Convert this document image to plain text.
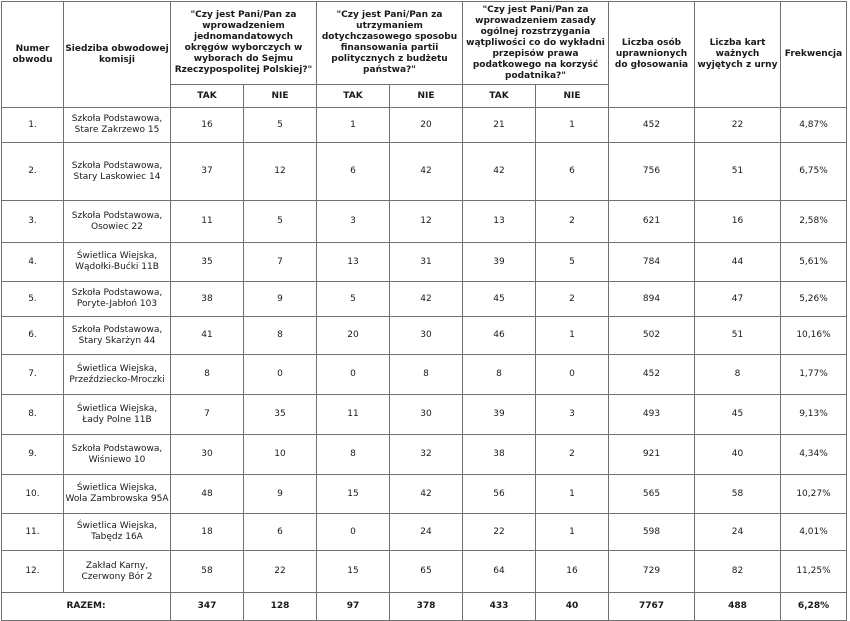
Numer obwodu	Siedziba obwodowej komisji	"Czy jest Pani/Pan za wprowadzeniem jednomandatowych okręgów wyborczych w wyborach do Sejmu Rzeczypospolitej Polskiej?"		"Czy jest Pani/Pan za utrzymaniem dotychczasowego sposobu finansowania partii politycznych z budżetu państwa?"		"Czy jest Pani/Pan za wprowadzeniem zasady ogólnej rozstrzygania wątpliwości co do wykładni przepisów prawa podatkowego na korzyść podatnika?"		Liczba osób uprawnionych do głosowania	Liczba kart ważnych wyjętych z urny	Frekwencja
		TAK	NIE	TAK	NIE	TAK	NIE			
1.	Szkoła Podstawowa, Stare Zakrzewo 15	16	5	1	20	21	1	452	22	4,87%
2.	Szkoła Podstawowa, Stary Laskowiec 14	37	12	6	42	42	6	756	51	6,75%
3.	Szkoła Podstawowa, Osowiec 22	11	5	3	12	13	2	621	16	2,58%
4.	Świetlica Wiejska, Wądołki-Bućki 11B	35	7	13	31	39	5	784	44	5,61%
5.	Szkoła Podstawowa, Poryte-Jabłoń 103	38	9	5	42	45	2	894	47	5,26%
6.	Szkoła Podstawowa, Stary Skarżyn 44	41	8	20	30	46	1	502	51	10,16%
7.	Świetlica Wiejska, Przeździecko-Mroczki	8	0	0	8	8	0	452	8	1,77%
8.	Świetlica Wiejska, Łady Polne 11B	7	35	11	30	39	3	493	45	9,13%
9.	Szkoła Podstawowa, Wiśniewo 10	30	10	8	32	38	2	921	40	4,34%
10.	Świetlica Wiejska, Wola Zambrowska 95A	48	9	15	42	56	1	565	58	10,27%
11.	Świetlica Wiejska, Tabędz 16A	18	6	0	24	22	1	598	24	4,01%
12.	Zakład Karny, Czerwony Bór 2	58	22	15	65	64	16	729	82	11,25%
RAZEM:		347	128	97	378	433	40	7767	488	6,28%
